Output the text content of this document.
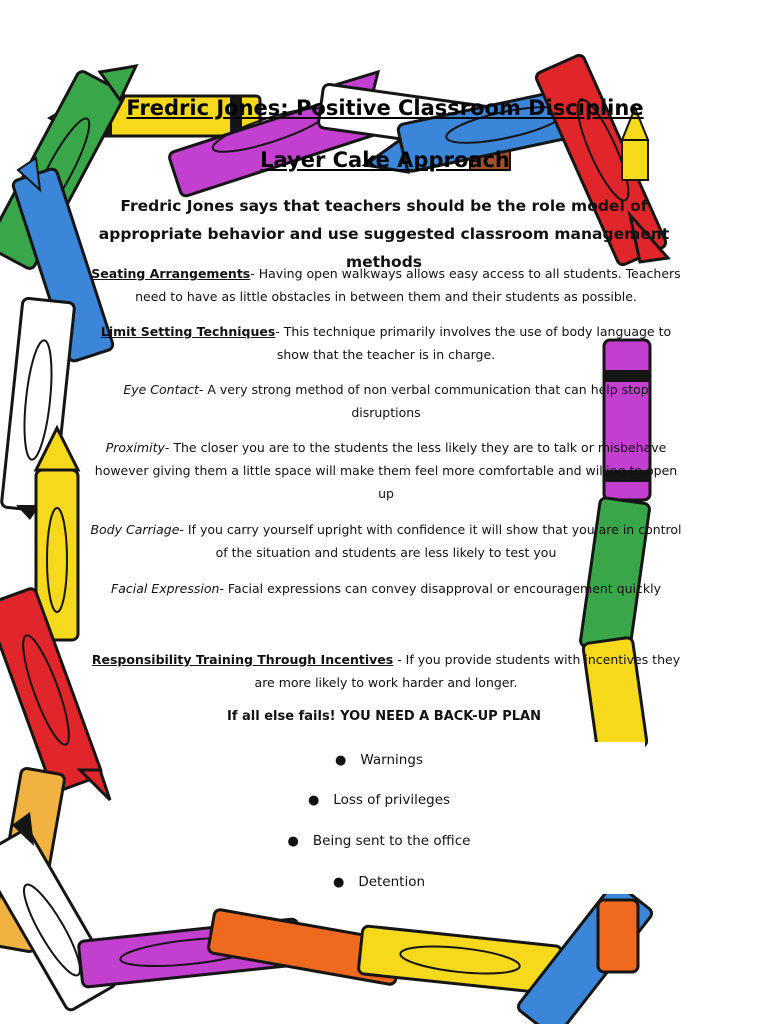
Fredric Jones: Positive Classroom Discipline
Layer Cake Approach
Fredric Jones says that teachers should be the role model of appropriate behavior and use suggested classroom management methods
Seating Arrangements- Having open walkways allows easy access to all students. Teachers need to have as little obstacles in between them and their students as possible.
Limit Setting Techniques- This technique primarily involves the use of body language to show that the teacher is in charge.
Eye Contact- A very strong method of non verbal communication that can help stop disruptions
Proximity- The closer you are to the students the less likely they are to talk or misbehave however giving them a little space will make them feel more comfortable and willing to open up
Body Carriage- If you carry yourself upright with confidence it will show that you are in control of the situation and students are less likely to test you
Facial Expression- Facial expressions can convey disapproval or encouragement quickly
Responsibility Training Through Incentives - If you provide students with incentives they are more likely to work harder and longer.
If all else fails! YOU NEED A BACK-UP PLAN
● Warnings
● Loss of privileges
● Being sent to the office
● Detention
